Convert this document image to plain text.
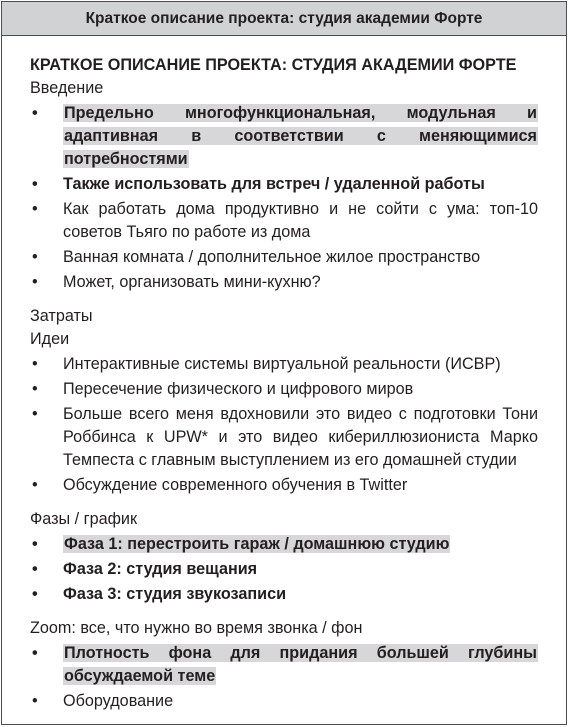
Краткое описание проекта: студия академии Форте

КРАТКОЕ ОПИСАНИЕ ПРОЕКТА: СТУДИЯ АКАДЕМИИ ФОРТЕ

Введение

• Предельно многофункциональная, модульная и адаптивная в соответствии с меняющимися потребностями
• Также использовать для встреч / удаленной работы
• Как работать дома продуктивно и не сойти с ума: топ-10 советов Тьяго по работе из дома
• Ванная комната / дополнительное жилое пространство
• Может, организовать мини-кухню?

Затраты

Идеи

• Интерактивные системы виртуальной реальности (ИСВР)
• Пересечение физического и цифрового миров
• Больше всего меня вдохновили это видео с подготовки Тони Роббинса к UPW* и это видео кибериллюзиониста Марко Темпеста с главным выступлением из его домашней студии
• Обсуждение современного обучения в Twitter

Фазы / график

• Фаза 1: перестроить гараж / домашнюю студию
• Фаза 2: студия вещания
• Фаза 3: студия звукозаписи

Zoom: все, что нужно во время звонка / фон

• Плотность фона для придания большей глубины обсуждаемой теме
• Оборудование
